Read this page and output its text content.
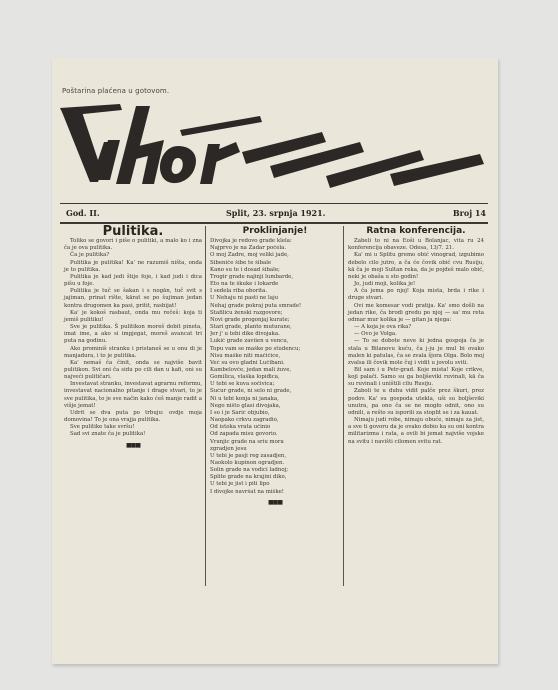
Poštarina plaćena u gotovom.
God. II.	Split, 23. srpnja 1921.	Broj 14
Pulitika.

Toliko se govori i piše o pulitiki, a malo ko i zna ča je ova pulitika.

Ča je pulitika?

Pulitika je pulitika! Ka' ne razumiš ništa, onda je to pulitika.

Pulitika je kad jedi štije foje, i kad judi i dica pišu u foje.

Pulitika je tuč se šakan i s nogān, tuč svit s jajiman, prinat rište, kārat se po šujiman jedan kontra drugomen ka pasi, pritit, rasbijat!

Ka' je kokoš rasbaut, onda mu rečeš: koja ti jemiš pulitiku!

Sve je pulitika. Š pulitikon moreš dobit pineta, imat ime, a ako si impjegat, moreš avancat tri puta na godinu.

Ako prominiš stranku i pristaneš se u onu di je manjadura, i to je pulitika.

Ka' nemaš ča činit, onda se najviše bavit pulitikon. Svi oni ča sidu po cili dan u kafi, oni su najveći pulitičari.

Investavat stranku, investavat agrarnu reformu, investavat nacionalno pitanje i drage stvari, to je sve pulitika, to je sve način kako ćeš manje radit a višje jemat!

Udrit se dva puta po trbuju: ovdje moja domovina! To je ona vrajja pulitika.

Sve pulitike take svršu!

Sad svi znate ča je pulitika!

■■■
Proklinjanje!
Divojka je redovo grade klela:
Najprvo je na Zadar počela.
O moj Zadre, moj veliki jade,
Šibeniče šibe te šibale
Kano su te i dosad šibale;
Trogir grade najinji lumbarde,
Eto na te škuke i lokarde
I sedela riba oborita.
U Nehaju ni pasti ne laju
Nehaj grade pokraj puta smrade!
Stafiliću ženski razgovore;
Novi grade progonjaj kurate;
Stari grade, planto muturane,
Jer j' u tebi dike divojaka.
Lukić grade zaviien u vencu,
Topu vam se maške po studencu;
Nisu maške niti mačičice,
Već su ovo gladni Lučibani.
Kambelovče, jedan mali žuve,
Gomilica, vlaška lopiđica,
U tebi se kuva sočivica;
Sućur grade, ni selo ni grade,
Ni u tebi konja ni janaka,
Nego ništo glasi divojaka,
I so i je Sarić objubio,
Naopako crkvu zagradio,
Od istoka vrata učinio
Od zapada misu govorio.
Vranjic grade na sriu mora
zgradjen jesu
U tebi je pasji reg zasadjen,
Naokolo kupinon ogradjen.
Solin grade na vodici ladnoj;
Splite grade na krajini diko,
U tebi je jist i piti lipo
I divojke navršat na miške!
■■■
Ratna konferencija.

Zabeli to ni na Eoši u Bolanjac, vita ru 24 konferencija obaveze. Odesa, 13/7. 21.

Ka' mi u Splitu gremo obić vinograd, izgubimo debelo cilo jutro, a ča će čovik obić cvu Rusiju, kā ča je moji Sultan reka, da je pojdeš malo obić, neki je obaša u sto godin!

Jo, judi moji, kolika je!

A ča jema po njoj! Koja mista, brda i rike i druge stvari.

Ovi me komesar vodi pratija. Ka' smo došli na jedan rike, ča brodi gredu po njoj — sa' mu reta odmar mur kolika je — gitan ja njega:

— A koja je ova rika?

— Ovo je Volga.

— To se dobote neve ki jedna gospoja ča je stala u Bilanovu kuću, ča j-ju je mul bi ovako malen ki patulas, ča se zvala šjora Olga. Bolo moj zvalsa ili čovik mole čuj i vidit u jovolu sviti.

Bil sam i u Petr-grad. Koje mista! Koje crikve, koji palači. Samo su ga boljševiki ruvinali, kā ča su ruvinali i uništili cilu Rusiju.

Zaboli te u duhu vidit palče prez škuri, prez podov. Ka' su gospoda utekla, uši su boljševiki unutra, pa ono ča se ne mogło odnit, ono su odnili, a rešto su isporili za stoplit se i za kauat.

Nimaju judi robe, nimaju obuće, nimaju za jist, a sve ti govoru da je ovako dobio ka su oni kontra militarizma i rata, a ovili bi jemat najviše vojske na svitu i navišti cilomen svitu rat.
